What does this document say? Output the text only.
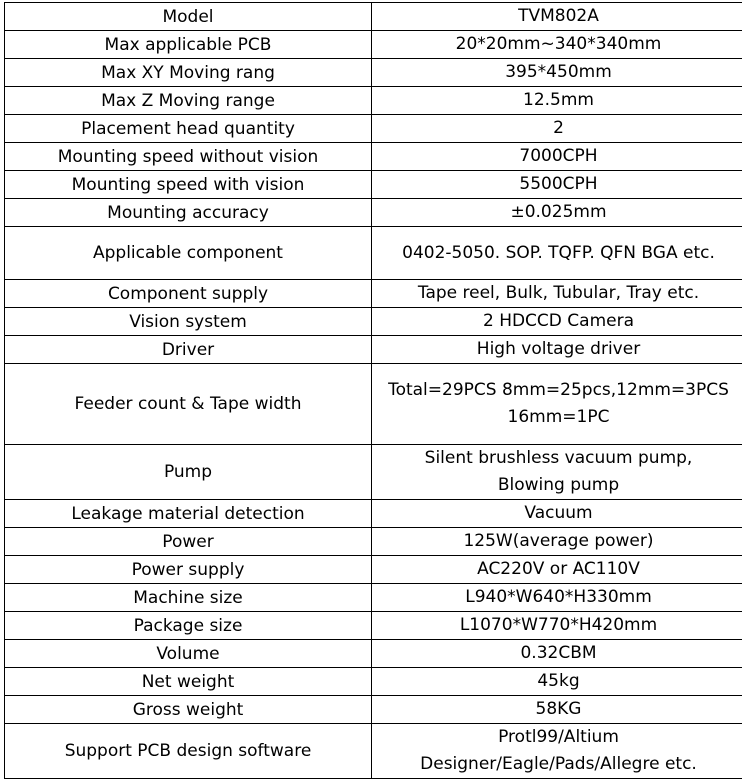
Model	TVM802A

Max applicable PCB	20*20mm~340*340mm

Max XY Moving rang	395*450mm

Max Z Moving range	12.5mm

Placement head quantity	2

Mounting speed without vision	7000CPH

Mounting speed with vision	5500CPH

Mounting accuracy	±0.025mm

Applicable component	0402-5050. SOP. TQFP. QFN BGA etc.

Component supply	Tape reel, Bulk, Tubular, Tray etc.

Vision system	2 HDCCD Camera

Driver	High voltage driver

Feeder count & Tape width	Total=29PCS 8mm=25pcs,12mm=3PCS
16mm=1PC

Pump	Silent brushless vacuum pump,
Blowing pump

Leakage material detection	Vacuum

Power	125W(average power)

Power supply	AC220V or AC110V

Machine size	L940*W640*H330mm

Package size	L1070*W770*H420mm

Volume	0.32CBM

Net weight	45kg

Gross weight	58KG

Support PCB design software	Protl99/Altium
Designer/Eagle/Pads/Allegre etc.
